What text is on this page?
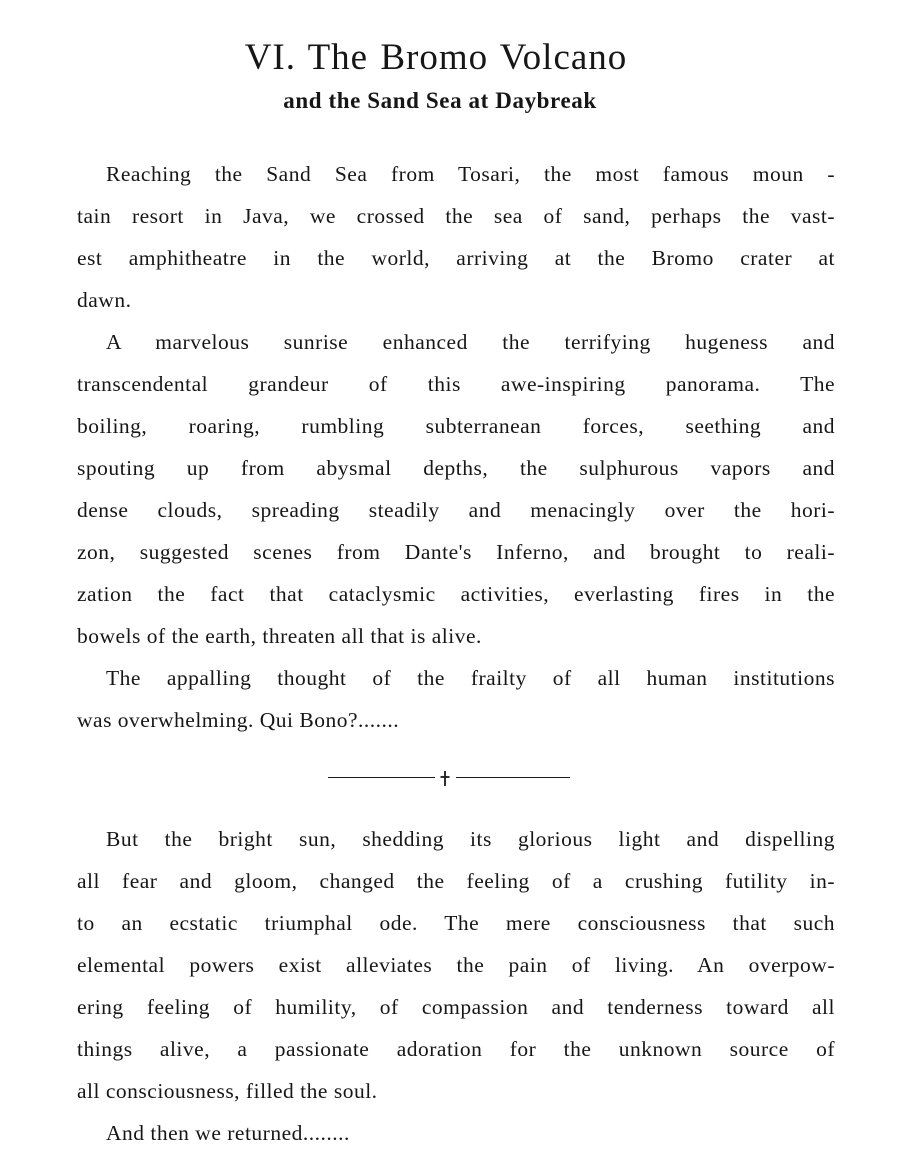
VI. The Bromo Volcano
and the Sand Sea at Daybreak
Reaching the Sand Sea from Tosari, the most famous moun -
tain resort in Java, we crossed the sea of sand, perhaps the vast-
est amphitheatre in the world, arriving at the Bromo crater at
dawn.
A marvelous sunrise enhanced the terrifying hugeness and
transcendental grandeur of this awe-inspiring panorama. The
boiling, roaring, rumbling subterranean forces, seething and
spouting up from abysmal depths, the sulphurous vapors and
dense clouds, spreading steadily and menacingly over the hori-
zon, suggested scenes from Dante's Inferno, and brought to reali-
zation the fact that cataclysmic activities, everlasting fires in the
bowels of the earth, threaten all that is alive.
The appalling thought of the frailty of all human institutions
was overwhelming. Qui Bono?.......
But the bright sun, shedding its glorious light and dispelling
all fear and gloom, changed the feeling of a crushing futility in-
to an ecstatic triumphal ode. The mere consciousness that such
elemental powers exist alleviates the pain of living. An overpow-
ering feeling of humility, of compassion and tenderness toward all
things alive, a passionate adoration for the unknown source of
all consciousness, filled the soul.
And then we returned........
